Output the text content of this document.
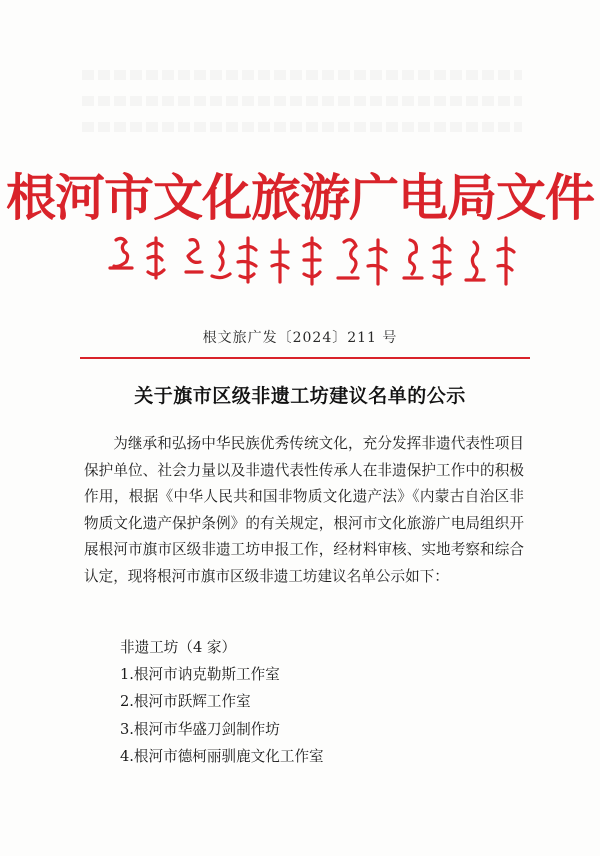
根河市文化旅游广电局文件
根文旅广发〔2024〕211 号
关于旗市区级非遗工坊建议名单的公示

为继承和弘扬中华民族优秀传统文化，充分发挥非遗代表性项目保护单位、社会力量以及非遗代表性传承人在非遗保护工作中的积极作用，根据《中华人民共和国非物质文化遗产法》《内蒙古自治区非物质文化遗产保护条例》的有关规定，根河市文化旅游广电局组织开展根河市旗市区级非遗工坊申报工作，经材料审核、实地考察和综合认定，现将根河市旗市区级非遗工坊建议名单公示如下：

非遗工坊（4 家）
1.根河市讷克勒斯工作室
2.根河市跃辉工作室
3.根河市华盛刀剑制作坊
4.根河市德柯丽驯鹿文化工作室
